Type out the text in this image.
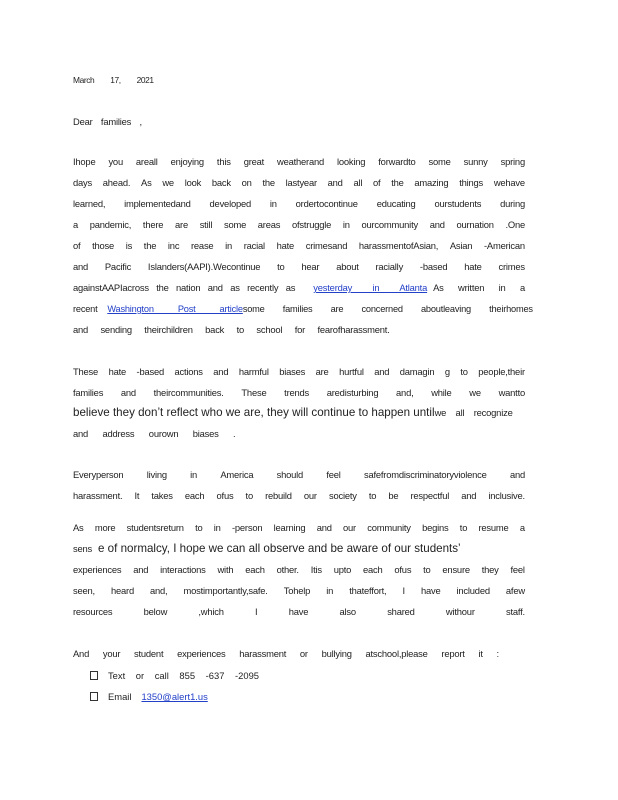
March 17, 2021
Dear families ,
Ihope you areall enjoying this great weatherand looking forwardto some sunny spring
days ahead. As we look back on the lastyear and all of the amazing things wehave
learned, implementedand developed in ordertocontinue educating ourstudents during
a pandemic, there are still some areas ofstruggle in ourcommunity and ournation .One
of those is the inc rease in racial hate crimesand harassmentofAsian, Asian -American
and Pacific Islanders(AAPI).Wecontinue to hear about racially -based hate crimes
againstAAPIacross the nation and as recently as yesterday in Atlanta As written in a
recent Washington Post articlesome families are concerned aboutleaving theirhomes
and sending theirchildren back to school for fearofharassment.
These hate -based actions and harmful biases are hurtful and damagin g to people,their
families and theircommunities. These trends aredisturbing and, while we wantto
believe they don’t reflect who we are, they will continue to happen untilwe all recognize
and address ourown biases .
Everyperson living in America should feel safefromdiscriminatoryviolence and
harassment. It takes each ofus to rebuild our society to be respectful and inclusive.
As more studentsreturn to in -person learning and our community begins to resume a
sens e of normalcy, I hope we can all observe and be aware of our students’
experiences and interactions with each other. Itis upto each ofus to ensure they feel
seen, heard and, mostimportantly,safe. Tohelp in thateffort, I have included afew
resources	below	,which	I	have	also	shared	withour	staff.
And your student experiences harassment or bullying atschool,please report it :
Text or call 855 -637 -2095
Email 1350@alert1.us
